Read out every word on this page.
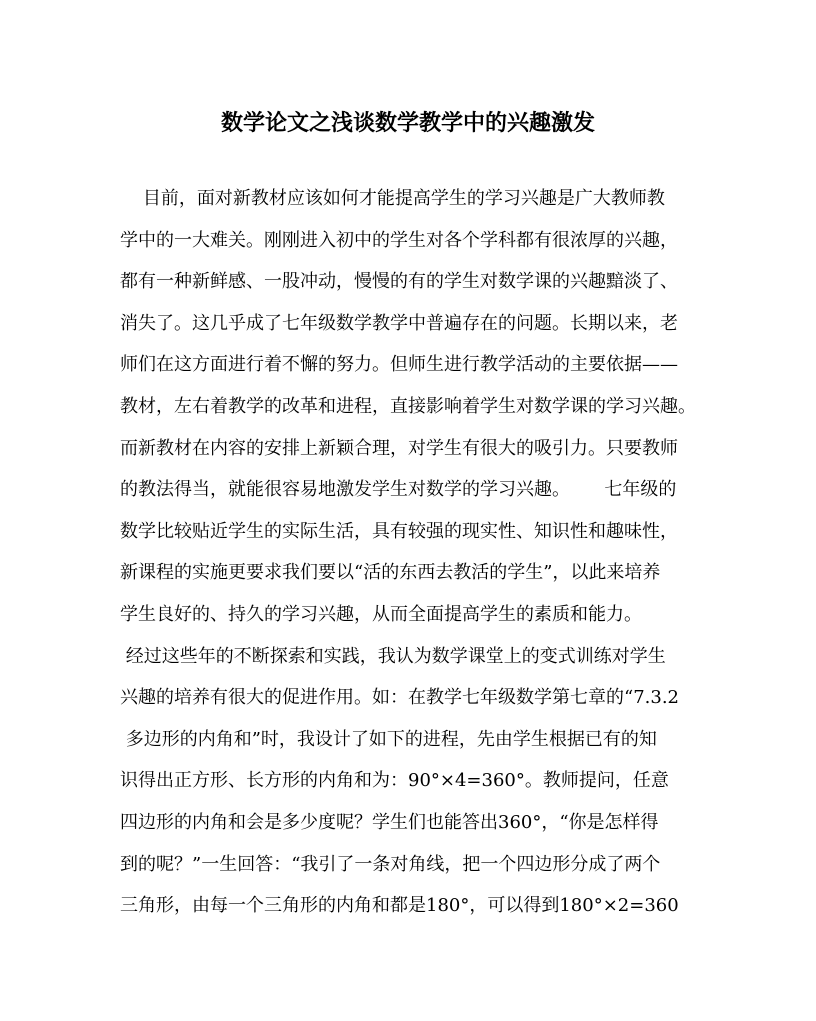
数学论文之浅谈数学教学中的兴趣激发
目前，面对新教材应该如何才能提高学生的学习兴趣是广大教师教
学中的一大难关。刚刚进入初中的学生对各个学科都有很浓厚的兴趣，
都有一种新鲜感、一股冲动，慢慢的有的学生对数学课的兴趣黯淡了、
消失了。这几乎成了七年级数学教学中普遍存在的问题。长期以来，老
师们在这方面进行着不懈的努力。但师生进行教学活动的主要依据——
教材，左右着教学的改革和进程，直接影响着学生对数学课的学习兴趣。
而新教材在内容的安排上新颖合理，对学生有很大的吸引力。只要教师
的教法得当，就能很容易地激发学生对数学的学习兴趣。      七年级的
数学比较贴近学生的实际生活，具有较强的现实性、知识性和趣味性，
新课程的实施更要求我们要以“活的东西去教活的学生”，以此来培养
学生良好的、持久的学习兴趣，从而全面提高学生的素质和能力。
经过这些年的不断探索和实践，我认为数学课堂上的变式训练对学生
兴趣的培养有很大的促进作用。如：在教学七年级数学第七章的“7.3.2
多边形的内角和”时，我设计了如下的进程，先由学生根据已有的知
识得出正方形、长方形的内角和为：90°×4=360°。教师提问，任意
四边形的内角和会是多少度呢？学生们也能答出360°，“你是怎样得
到的呢？”一生回答：“我引了一条对角线，把一个四边形分成了两个
三角形，由每一个三角形的内角和都是180°，可以得到180°×2=360
